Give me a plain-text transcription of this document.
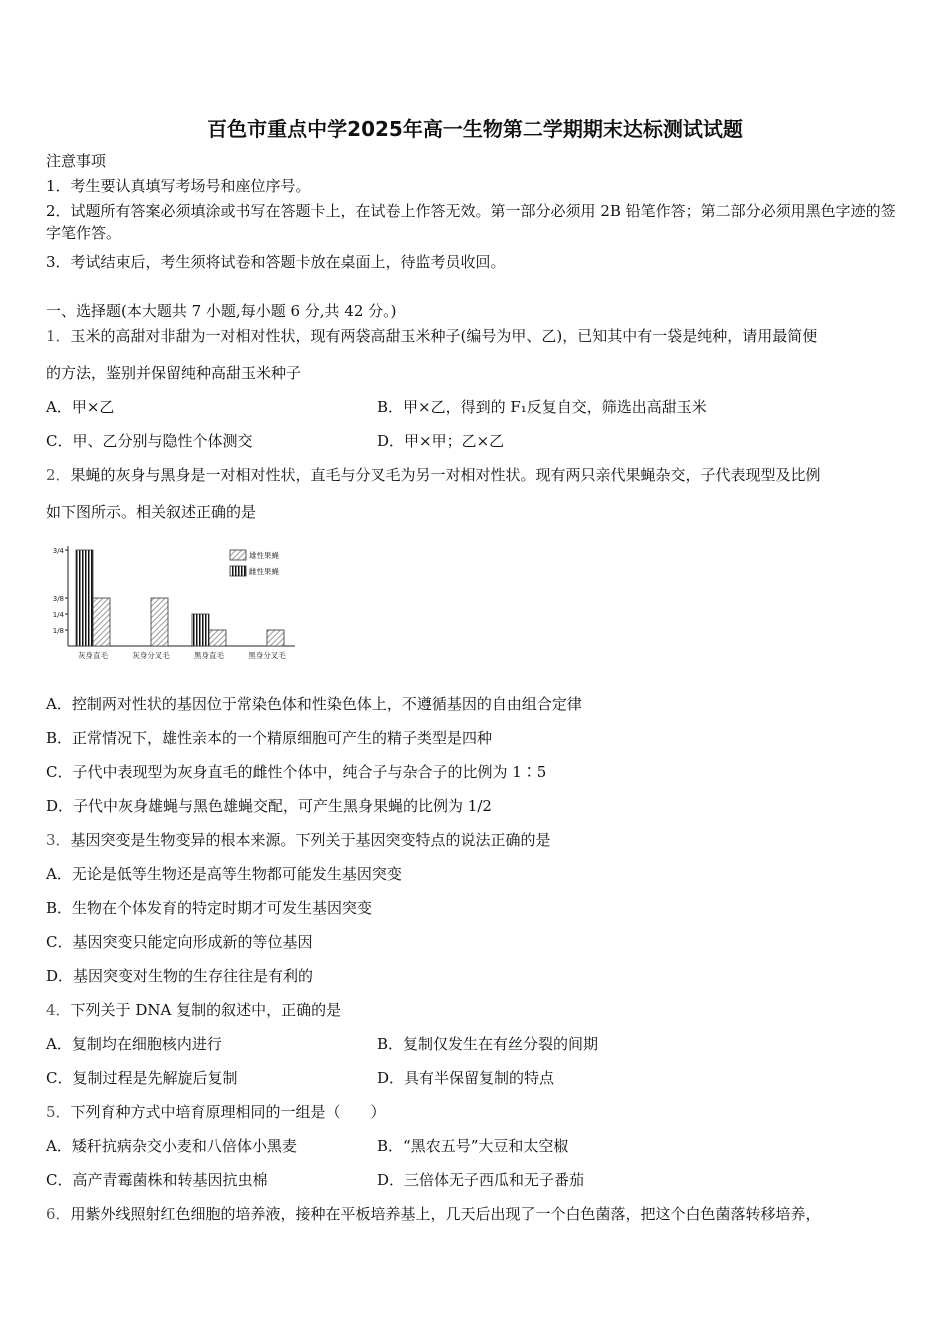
百色市重点中学2025年高一生物第二学期期末达标测试试题
注意事项
1．考生要认真填写考场号和座位序号。
2．试题所有答案必须填涂或书写在答题卡上，在试卷上作答无效。第一部分必须用 2B 铅笔作答；第二部分必须用黑色字迹的签字笔作答。
3．考试结束后，考生须将试卷和答题卡放在桌面上，待监考员收回。
一、选择题(本大题共 7 小题,每小题 6 分,共 42 分。)
1．玉米的高甜对非甜为一对相对性状，现有两袋高甜玉米种子(编号为甲、乙)，已知其中有一袋是纯种，请用最简便
的方法，鉴别并保留纯种高甜玉米种子
A．甲×乙	B．甲×乙，得到的 F₁反复自交，筛选出高甜玉米
C．甲、乙分别与隐性个体测交	D．甲×甲；乙×乙
2．果蝇的灰身与黑身是一对相对性状，直毛与分叉毛为另一对相对性状。现有两只亲代果蝇杂交，子代表现型及比例
如下图所示。相关叙述正确的是
3/4
3/8
1/4
1/8
灰身直毛	灰身分叉毛	黑身直毛	黑身分叉毛
雄性果蝇
雌性果蝇
A．控制两对性状的基因位于常染色体和性染色体上，不遵循基因的自由组合定律
B．正常情况下，雄性亲本的一个精原细胞可产生的精子类型是四种
C．子代中表现型为灰身直毛的雌性个体中，纯合子与杂合子的比例为 1∶5
D．子代中灰身雄蝇与黑色雄蝇交配，可产生黑身果蝇的比例为 1/2
3．基因突变是生物变异的根本来源。下列关于基因突变特点的说法正确的是
A．无论是低等生物还是高等生物都可能发生基因突变
B．生物在个体发育的特定时期才可发生基因突变
C．基因突变只能定向形成新的等位基因
D．基因突变对生物的生存往往是有利的
4．下列关于 DNA 复制的叙述中，正确的是
A．复制均在细胞核内进行	B．复制仅发生在有丝分裂的间期
C．复制过程是先解旋后复制	D．具有半保留复制的特点
5．下列育种方式中培育原理相同的一组是（　　）
A．矮秆抗病杂交小麦和八倍体小黑麦	B．“黑农五号”大豆和太空椒
C．高产青霉菌株和转基因抗虫棉	D．三倍体无子西瓜和无子番茄
6．用紫外线照射红色细胞的培养液，接种在平板培养基上，几天后出现了一个白色菌落，把这个白色菌落转移培养，
